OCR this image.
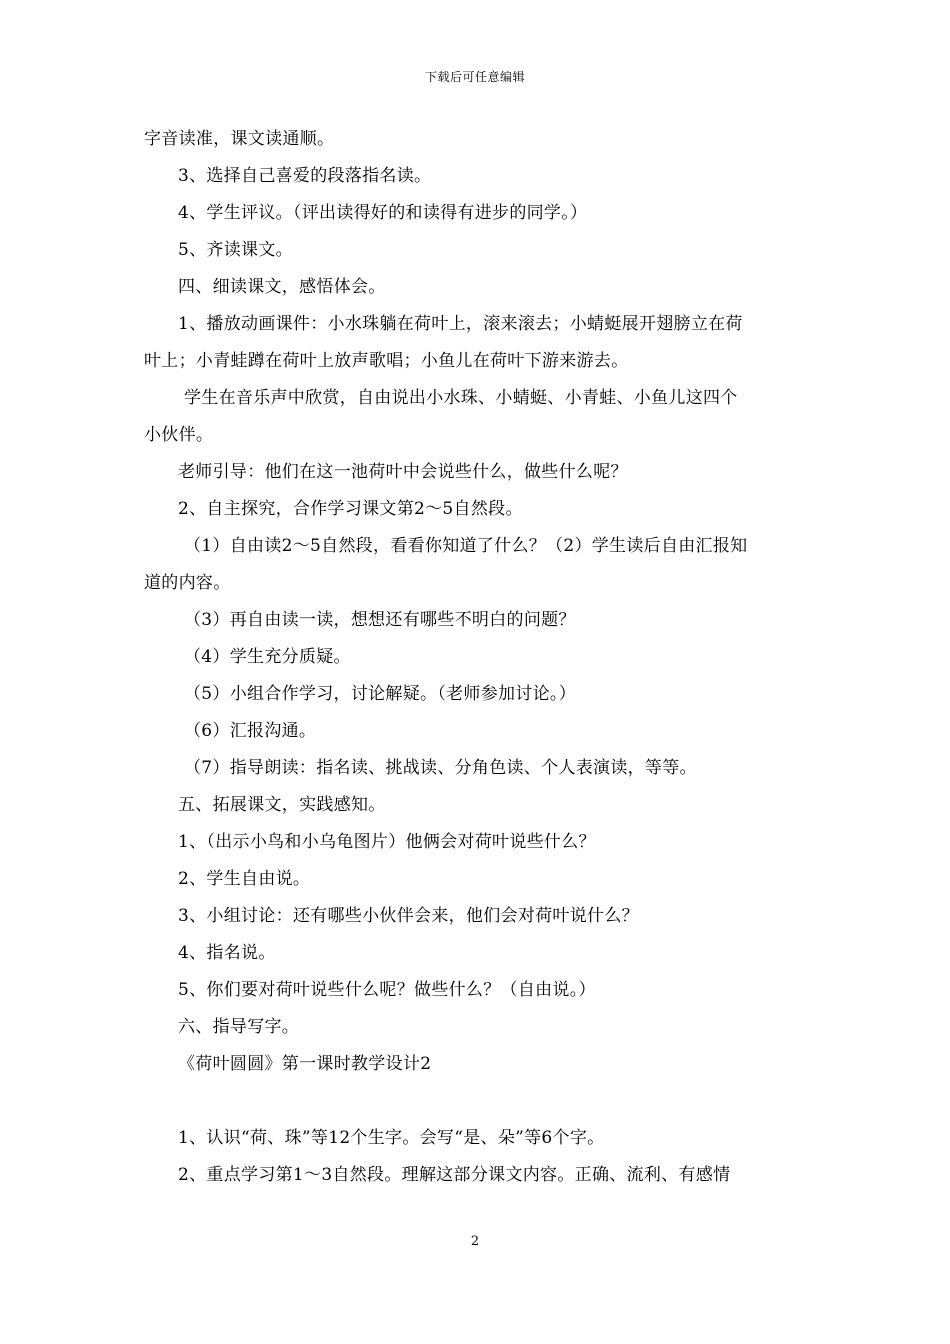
下载后可任意编辑
字音读准，课文读通顺。
3、选择自己喜爱的段落指名读。
4、学生评议。（评出读得好的和读得有进步的同学。）
5、齐读课文。
四、细读课文，感悟体会。
1、播放动画课件：小水珠躺在荷叶上，滚来滚去；小蜻蜓展开翅膀立在荷
叶上；小青蛙蹲在荷叶上放声歌唱；小鱼儿在荷叶下游来游去。
学生在音乐声中欣赏，自由说出小水珠、小蜻蜓、小青蛙、小鱼儿这四个
小伙伴。
老师引导：他们在这一池荷叶中会说些什么，做些什么呢？
2、自主探究，合作学习课文第2～5自然段。
（1）自由读2～5自然段，看看你知道了什么？（2）学生读后自由汇报知
道的内容。
（3）再自由读一读，想想还有哪些不明白的问题？
（4）学生充分质疑。
（5）小组合作学习，讨论解疑。（老师参加讨论。）
（6）汇报沟通。
（7）指导朗读：指名读、挑战读、分角色读、个人表演读，等等。
五、拓展课文，实践感知。
1、（出示小鸟和小乌龟图片）他俩会对荷叶说些什么？
2、学生自由说。
3、小组讨论：还有哪些小伙伴会来，他们会对荷叶说什么？
4、指名说。
5、你们要对荷叶说些什么呢？做些什么？（自由说。）
六、指导写字。
《荷叶圆圆》第一课时教学设计2
1、认识“荷、珠”等12个生字。会写“是、朵”等6个字。
2、重点学习第1～3自然段。理解这部分课文内容。正确、流利、有感情
2
